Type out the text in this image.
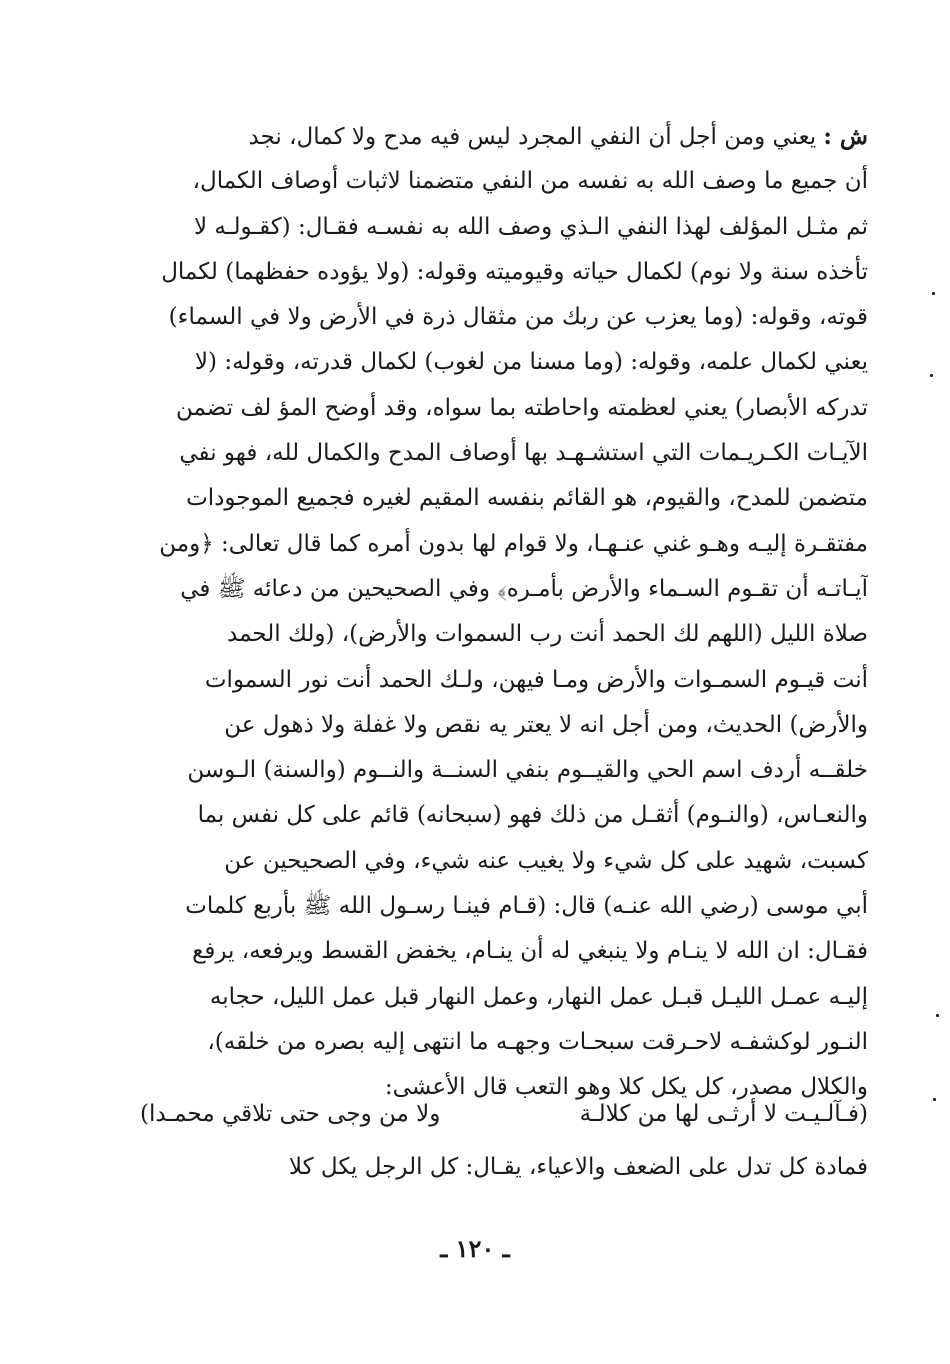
ش : يعني ومن أجل أن النفي المجرد ليس فيه مدح ولا كمال، نجد
أن جميع ما وصف الله به نفسه من النفي متضمنا لاثبات أوصاف الكمال،
ثم مثـل المؤلف لهذا النفي الـذي وصف الله به نفسـه فقـال: (كقـولـه لا
تأخذه سنة ولا نوم) لكمال حياته وقيوميته وقوله: (ولا يؤوده حفظهما) لكمال
قوته، وقوله: (وما يعزب عن ربك من مثقال ذرة في الأرض ولا في السماء)
يعني لكمال علمه، وقوله: (وما مسنا من لغوب) لكمال قدرته، وقوله: (لا
تدركه الأبصار) يعني لعظمته واحاطته بما سواه، وقد أوضح المؤ لف تضمن
الآيـات الكـريـمات التي استشـهـد بها أوصاف المدح والكمال لله، فهو نفي
متضمن للمدح، والقيوم، هو القائم بنفسه المقيم لغيره فجميع الموجودات
مفتقـرة إليـه وهـو غني عنـهـا، ولا قوام لها بدون أمره كما قال تعالى: ﴿ومن
آيـاتـه أن تقـوم السـماء والأرض بأمـره﴾ وفي الصحيحين من دعائه ﷺ في
صلاة الليل (اللهم لك الحمد أنت رب السموات والأرض)، (ولك الحمد
أنت قيـوم السمـوات والأرض ومـا فيهن، ولـك الحمد أنت نور السموات
والأرض) الحديث، ومن أجل انه لا يعتر يه نقص ولا غفلة ولا ذهول عن
خلقــه أردف اسم الحي والقيــوم بنفي السنــة والنــوم (والسنة) الـوسن
والنعـاس، (والنـوم) أثقـل من ذلك فهو (سبحانه) قائم على كل نفس بما
كسبت، شهيد على كل شيء ولا يغيب عنه شيء، وفي الصحيحين عن
أبي موسى (رضي الله عنـه) قال: (قـام فينـا رسـول الله ﷺ بأربع كلمات
فقـال: ان الله لا ينـام ولا ينبغي له أن ينـام، يخفض القسط ويرفعه، يرفع
إليـه عمـل الليـل قبـل عمل النهار، وعمل النهار قبل عمل الليل، حجابه
النـور لوكشفـه لاحـرقت سبحـات وجهـه ما انتهى إليه بصره من خلقه)،
والكلال مصدر، كل يكل كلا وهو التعب قال الأعشى:
(فـآلـيـت لا أرثـى لها من كلالـة
ولا من وجى حتى تلاقي محمـدا)
فمادة كل تدل على الضعف والاعياء، يقـال: كل الرجل يكل كلا
ـ ١٢٠ ـ
